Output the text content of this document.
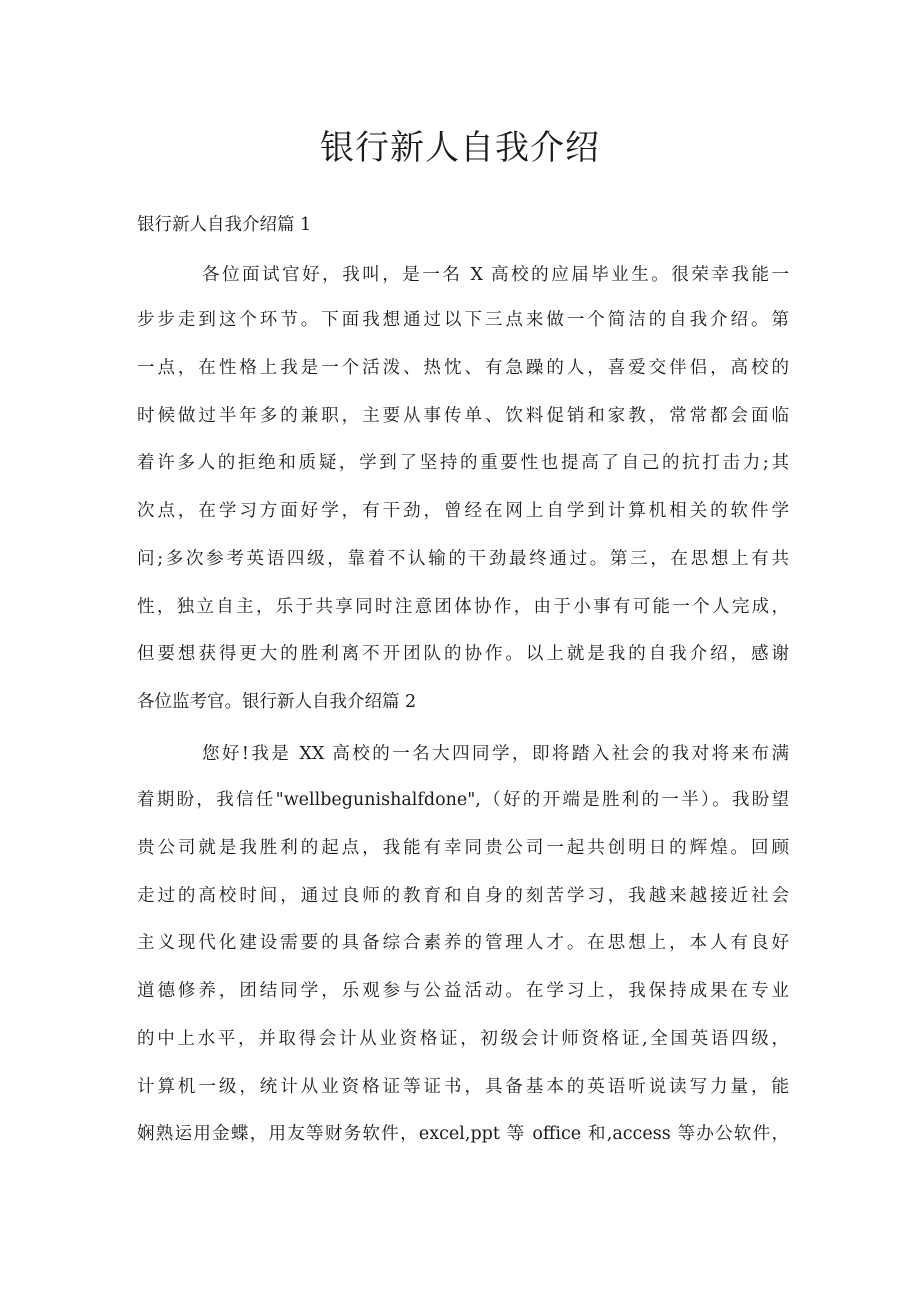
银行新人自我介绍

银行新人自我介绍篇 1

各位面试官好，我叫，是一名 X 高校的应届毕业生。很荣幸我能一
步步走到这个环节。下面我想通过以下三点来做一个简洁的自我介绍。第
一点，在性格上我是一个活泼、热忱、有急躁的人，喜爱交伴侣，高校的
时候做过半年多的兼职，主要从事传单、饮料促销和家教，常常都会面临
着许多人的拒绝和质疑，学到了坚持的重要性也提高了自己的抗打击力;其
次点，在学习方面好学，有干劲，曾经在网上自学到计算机相关的软件学
问;多次参考英语四级，靠着不认输的干劲最终通过。第三，在思想上有共
性，独立自主，乐于共享同时注意团体协作，由于小事有可能一个人完成，
但要想获得更大的胜利离不开团队的协作。以上就是我的自我介绍，感谢
各位监考官。银行新人自我介绍篇 2
您好!我是 XX 高校的一名大四同学，即将踏入社会的我对将来布满
着期盼，我信任"wellbegunishalfdone",（好的开端是胜利的一半）。我盼望
贵公司就是我胜利的起点，我能有幸同贵公司一起共创明日的辉煌。回顾
走过的高校时间，通过良师的教育和自身的刻苦学习，我越来越接近社会
主义现代化建设需要的具备综合素养的管理人才。在思想上，本人有良好
道德修养，团结同学，乐观参与公益活动。在学习上，我保持成果在专业
的中上水平，并取得会计从业资格证，初级会计师资格证,全国英语四级，
计算机一级，统计从业资格证等证书，具备基本的英语听说读写力量，能
娴熟运用金蝶，用友等财务软件，excel,ppt 等 office 和,access 等办公软件，
